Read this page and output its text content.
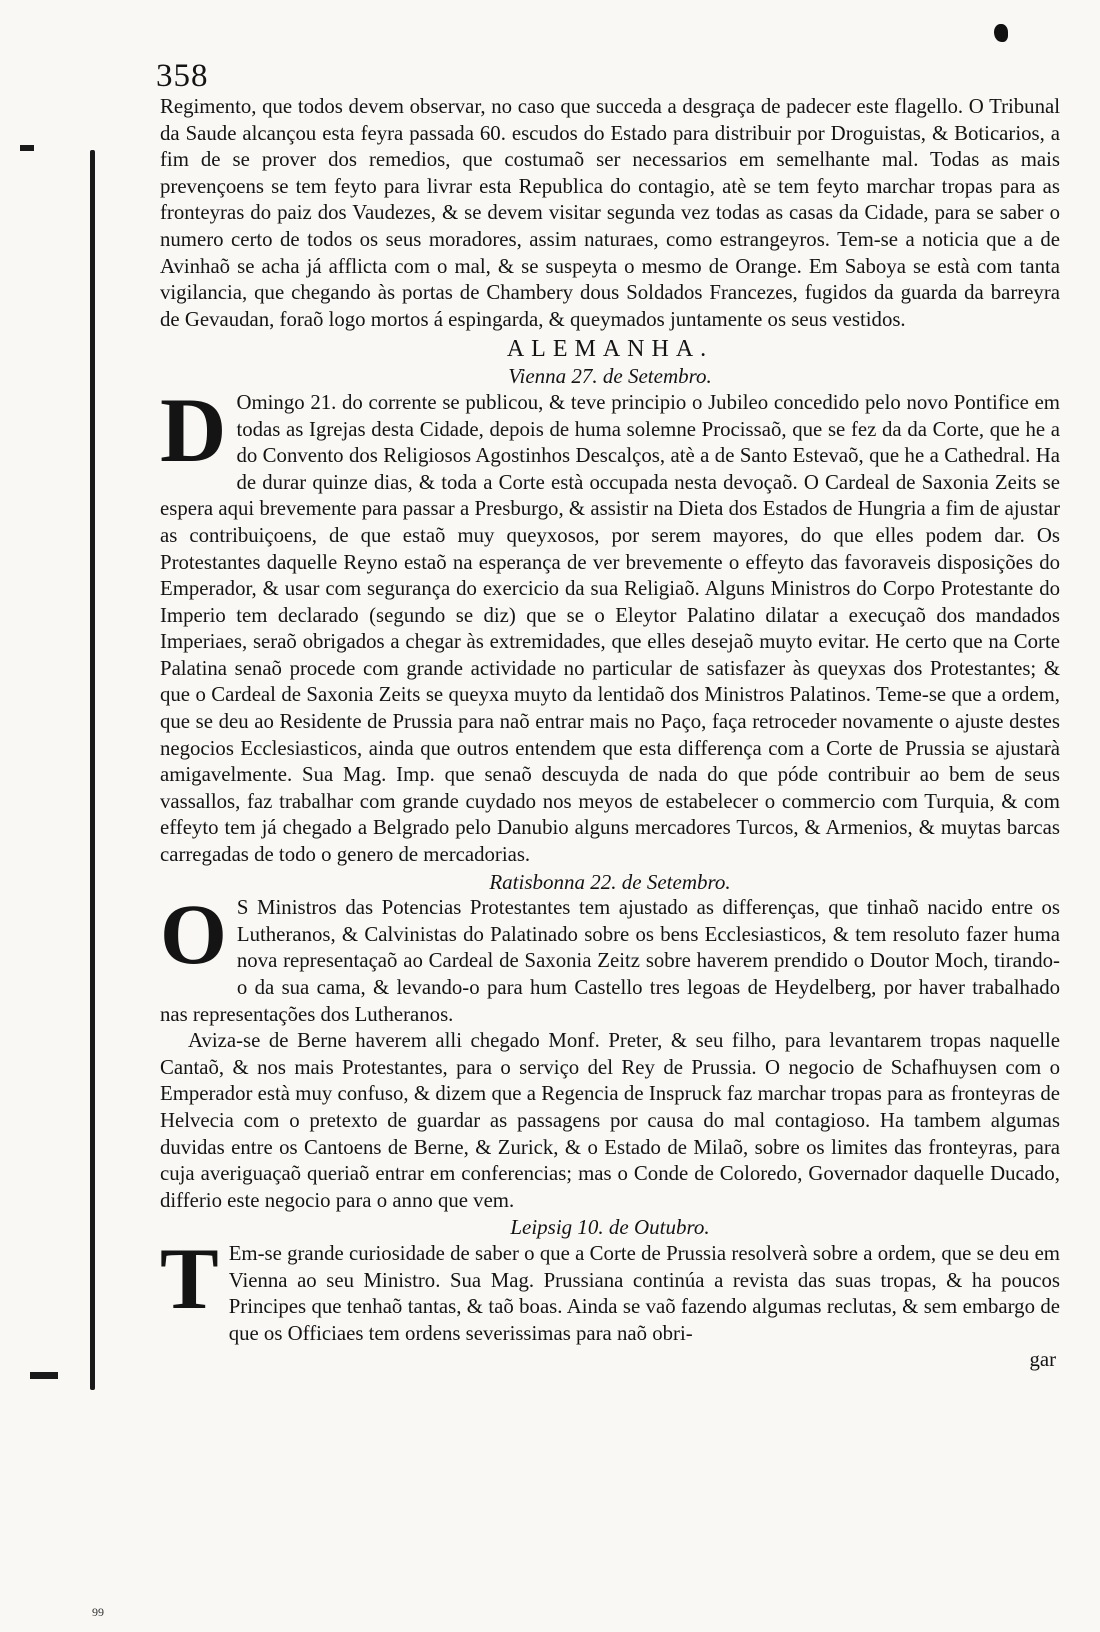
99
358

Regimento, que todos devem observar, no caso que succeda a desgraça de padecer este flagello. O Tribunal da Saude alcançou esta feyra passada 60. escudos do Estado para distribuir por Droguistas, & Boticarios, a fim de se prover dos remedios, que costumaõ ser necessarios em semelhante mal. Todas as mais prevençoens se tem feyto para livrar esta Republica do contagio, atè se tem feyto marchar tropas para as fronteyras do paiz dos Vaudezes, & se devem visitar segunda vez todas as casas da Cidade, para se saber o numero certo de todos os seus moradores, assim naturaes, como estrangeyros. Tem-se a noticia que a de Avinhaõ se acha já afflicta com o mal, & se suspeyta o mesmo de Orange. Em Saboya se està com tanta vigilancia, que chegando às portas de Chambery dous Soldados Francezes, fugidos da guarda da barreyra de Gevaudan, foraõ logo mortos á espingarda, & queymados juntamente os seus vestidos.

ALEMANHA.
Vienna 27. de Setembro.

D Omingo 21. do corrente se publicou, & teve principio o Jubileo concedido pelo novo Pontifice em todas as Igrejas desta Cidade, depois de huma solemne Procissaõ, que se fez da da Corte, que he a do Convento dos Religiosos Agostinhos Descalços, atè a de Santo Estevaõ, que he a Cathedral. Ha de durar quinze dias, & toda a Corte està occupada nesta devoçaõ. O Cardeal de Saxonia Zeits se espera aqui brevemente para passar a Presburgo, & assistir na Dieta dos Estados de Hungria a fim de ajustar as contribuiçoens, de que estaõ muy queyxosos, por serem mayores, do que elles podem dar. Os Protestantes daquelle Reyno estaõ na esperança de ver brevemente o effeyto das favoraveis disposições do Emperador, & usar com segurança do exercicio da sua Religiaõ. Alguns Ministros do Corpo Protestante do Imperio tem declarado (segundo se diz) que se o Eleytor Palatino dilatar a execuçaõ dos mandados Imperiaes, seraõ obrigados a chegar às extremidades, que elles desejaõ muyto evitar. He certo que na Corte Palatina senaõ procede com grande actividade no particular de satisfazer às queyxas dos Protestantes; & que o Cardeal de Saxonia Zeits se queyxa muyto da lentidaõ dos Ministros Palatinos. Teme-se que a ordem, que se deu ao Residente de Prussia para naõ entrar mais no Paço, faça retroceder novamente o ajuste destes negocios Ecclesiasticos, ainda que outros entendem que esta differença com a Corte de Prussia se ajustarà amigavelmente. Sua Mag. Imp. que senaõ descuyda de nada do que póde contribuir ao bem de seus vassallos, faz trabalhar com grande cuydado nos meyos de estabelecer o commercio com Turquia, & com effeyto tem já chegado a Belgrado pelo Danubio alguns mercadores Turcos, & Armenios, & muytas barcas carregadas de todo o genero de mercadorias.

Ratisbonna 22. de Setembro.

O S Ministros das Potencias Protestantes tem ajustado as differenças, que tinhaõ nacido entre os Lutheranos, & Calvinistas do Palatinado sobre os bens Ecclesiasticos, & tem resoluto fazer huma nova representaçaõ ao Cardeal de Saxonia Zeitz sobre haverem prendido o Doutor Moch, tirando-o da sua cama, & levando-o para hum Castello tres legoas de Heydelberg, por haver trabalhado nas representações dos Lutheranos.

Aviza-se de Berne haverem alli chegado Monf. Preter, & seu filho, para levantarem tropas naquelle Cantaõ, & nos mais Protestantes, para o serviço del Rey de Prussia. O negocio de Schafhuysen com o Emperador està muy confuso, & dizem que a Regencia de Inspruck faz marchar tropas para as fronteyras de Helvecia com o pretexto de guardar as passagens por causa do mal contagioso. Ha tambem algumas duvidas entre os Cantoens de Berne, & Zurick, & o Estado de Milaõ, sobre os limites das fronteyras, para cuja averiguaçaõ queriaõ entrar em conferencias; mas o Conde de Coloredo, Governador daquelle Ducado, differio este negocio para o anno que vem.

Leipsig 10. de Outubro.

T Em-se grande curiosidade de saber o que a Corte de Prussia resolverà sobre a ordem, que se deu em Vienna ao seu Ministro. Sua Mag. Prussiana continúa a revista das suas tropas, & ha poucos Principes que tenhaõ tantas, & taõ boas. Ainda se vaõ fazendo algumas reclutas, & sem embargo de que os Officiaes tem ordens severissimas para naõ obri-

gar
